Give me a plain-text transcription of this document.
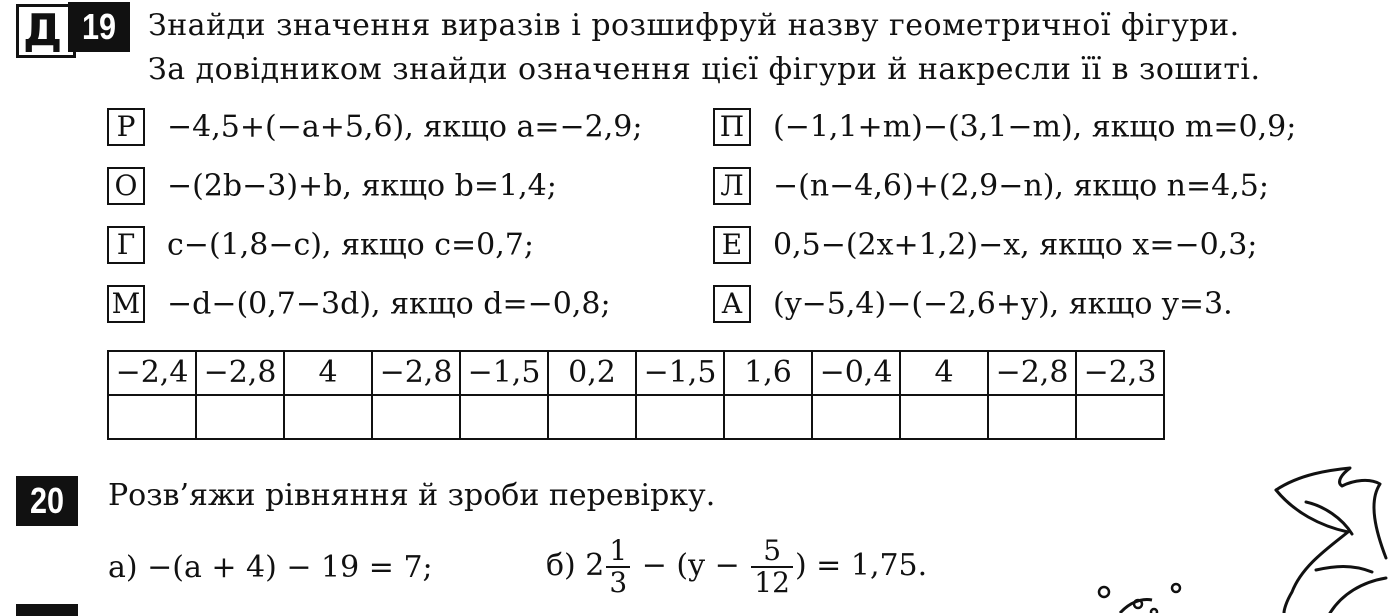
Д 19	Знайди значення виразів і розшифруй назву геометричної фігури.
За довідником знайди означення цієї фігури й накресли її в зошиті.
Р −4,5+(−a+5,6), якщо a=−2,9;
О −(2b−3)+b, якщо b=1,4;
Г c−(1,8−c), якщо c=0,7;
М −d−(0,7−3d), якщо d=−0,8;
П (−1,1+m)−(3,1−m), якщо m=0,9;
Л −(n−4,6)+(2,9−n), якщо n=4,5;
Е 0,5−(2x+1,2)−x, якщо x=−0,3;
А (y−5,4)−(−2,6+y), якщо y=3.
−2,4	−2,8	4	−2,8	−1,5	0,2	−1,5	1,6	−0,4	4	−2,8	−2,3

20	Розв’яжи рівняння й зроби перевірку.
а) −(a + 4) − 19 = 7;	б) $2 \frac{1}{3} - (y - \frac{5}{12}$ ) = 1,75.
